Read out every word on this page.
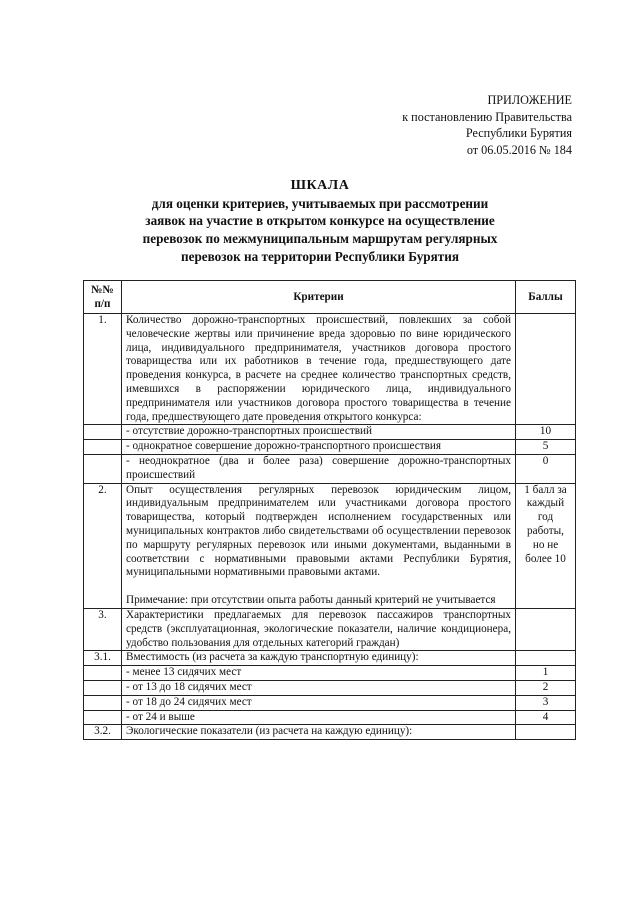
ПРИЛОЖЕНИЕ
к постановлению Правительства
Республики Бурятия
от 06.05.2016 № 184
ШКАЛА
для оценки критериев, учитываемых при рассмотрении
заявок на участие в открытом конкурсе на осуществление
перевозок по межмуниципальным маршрутам регулярных
перевозок на территории Республики Бурятия
№№
п/п	Критерии	Баллы
1.	Количество дорожно-транспортных происшествий, повлекших за собой человеческие жертвы или причинение вреда здоровью по вине юридического лица, индивидуального предпринимателя, участников договора простого товарищества или их работников в течение года, предшествующего дате проведения конкурса, в расчете на среднее количество транспортных средств, имевшихся в распоряжении юридического лица, индивидуального предпринимателя или участников договора простого товарищества в течение года, предшествующего дате проведения открытого конкурса:	
	- отсутствие дорожно-транспортных происшествий	10
	- однократное совершение дорожно-транспортного происшествия	5
	- неоднократное (два и более раза) совершение дорожно-транспортных происшествий	0
2.	Опыт осуществления регулярных перевозок юридическим лицом, индивидуальным предпринимателем или участниками договора простого товарищества, который подтвержден исполнением государственных или муниципальных контрактов либо свидетельствами об осуществлении перевозок по маршруту регулярных перевозок или иными документами, выданными в соответствии с нормативными правовыми актами Республики Бурятия, муниципальными нормативными правовыми актами.
Примечание: при отсутствии опыта работы данный критерий не учитывается	1 балл за каждый год работы, но не более 10
3.	Характеристики предлагаемых для перевозок пассажиров транспортных средств (эксплуатационная, экологические показатели, наличие кондиционера, удобство пользования для отдельных категорий граждан)	
3.1.	Вместимость (из расчета за каждую транспортную единицу):	
	- менее 13 сидячих мест	1
	- от 13 до 18 сидячих мест	2
	- от 18 до 24 сидячих мест	3
	- от 24 и выше	4
3.2.	Экологические показатели (из расчета на каждую единицу):	
